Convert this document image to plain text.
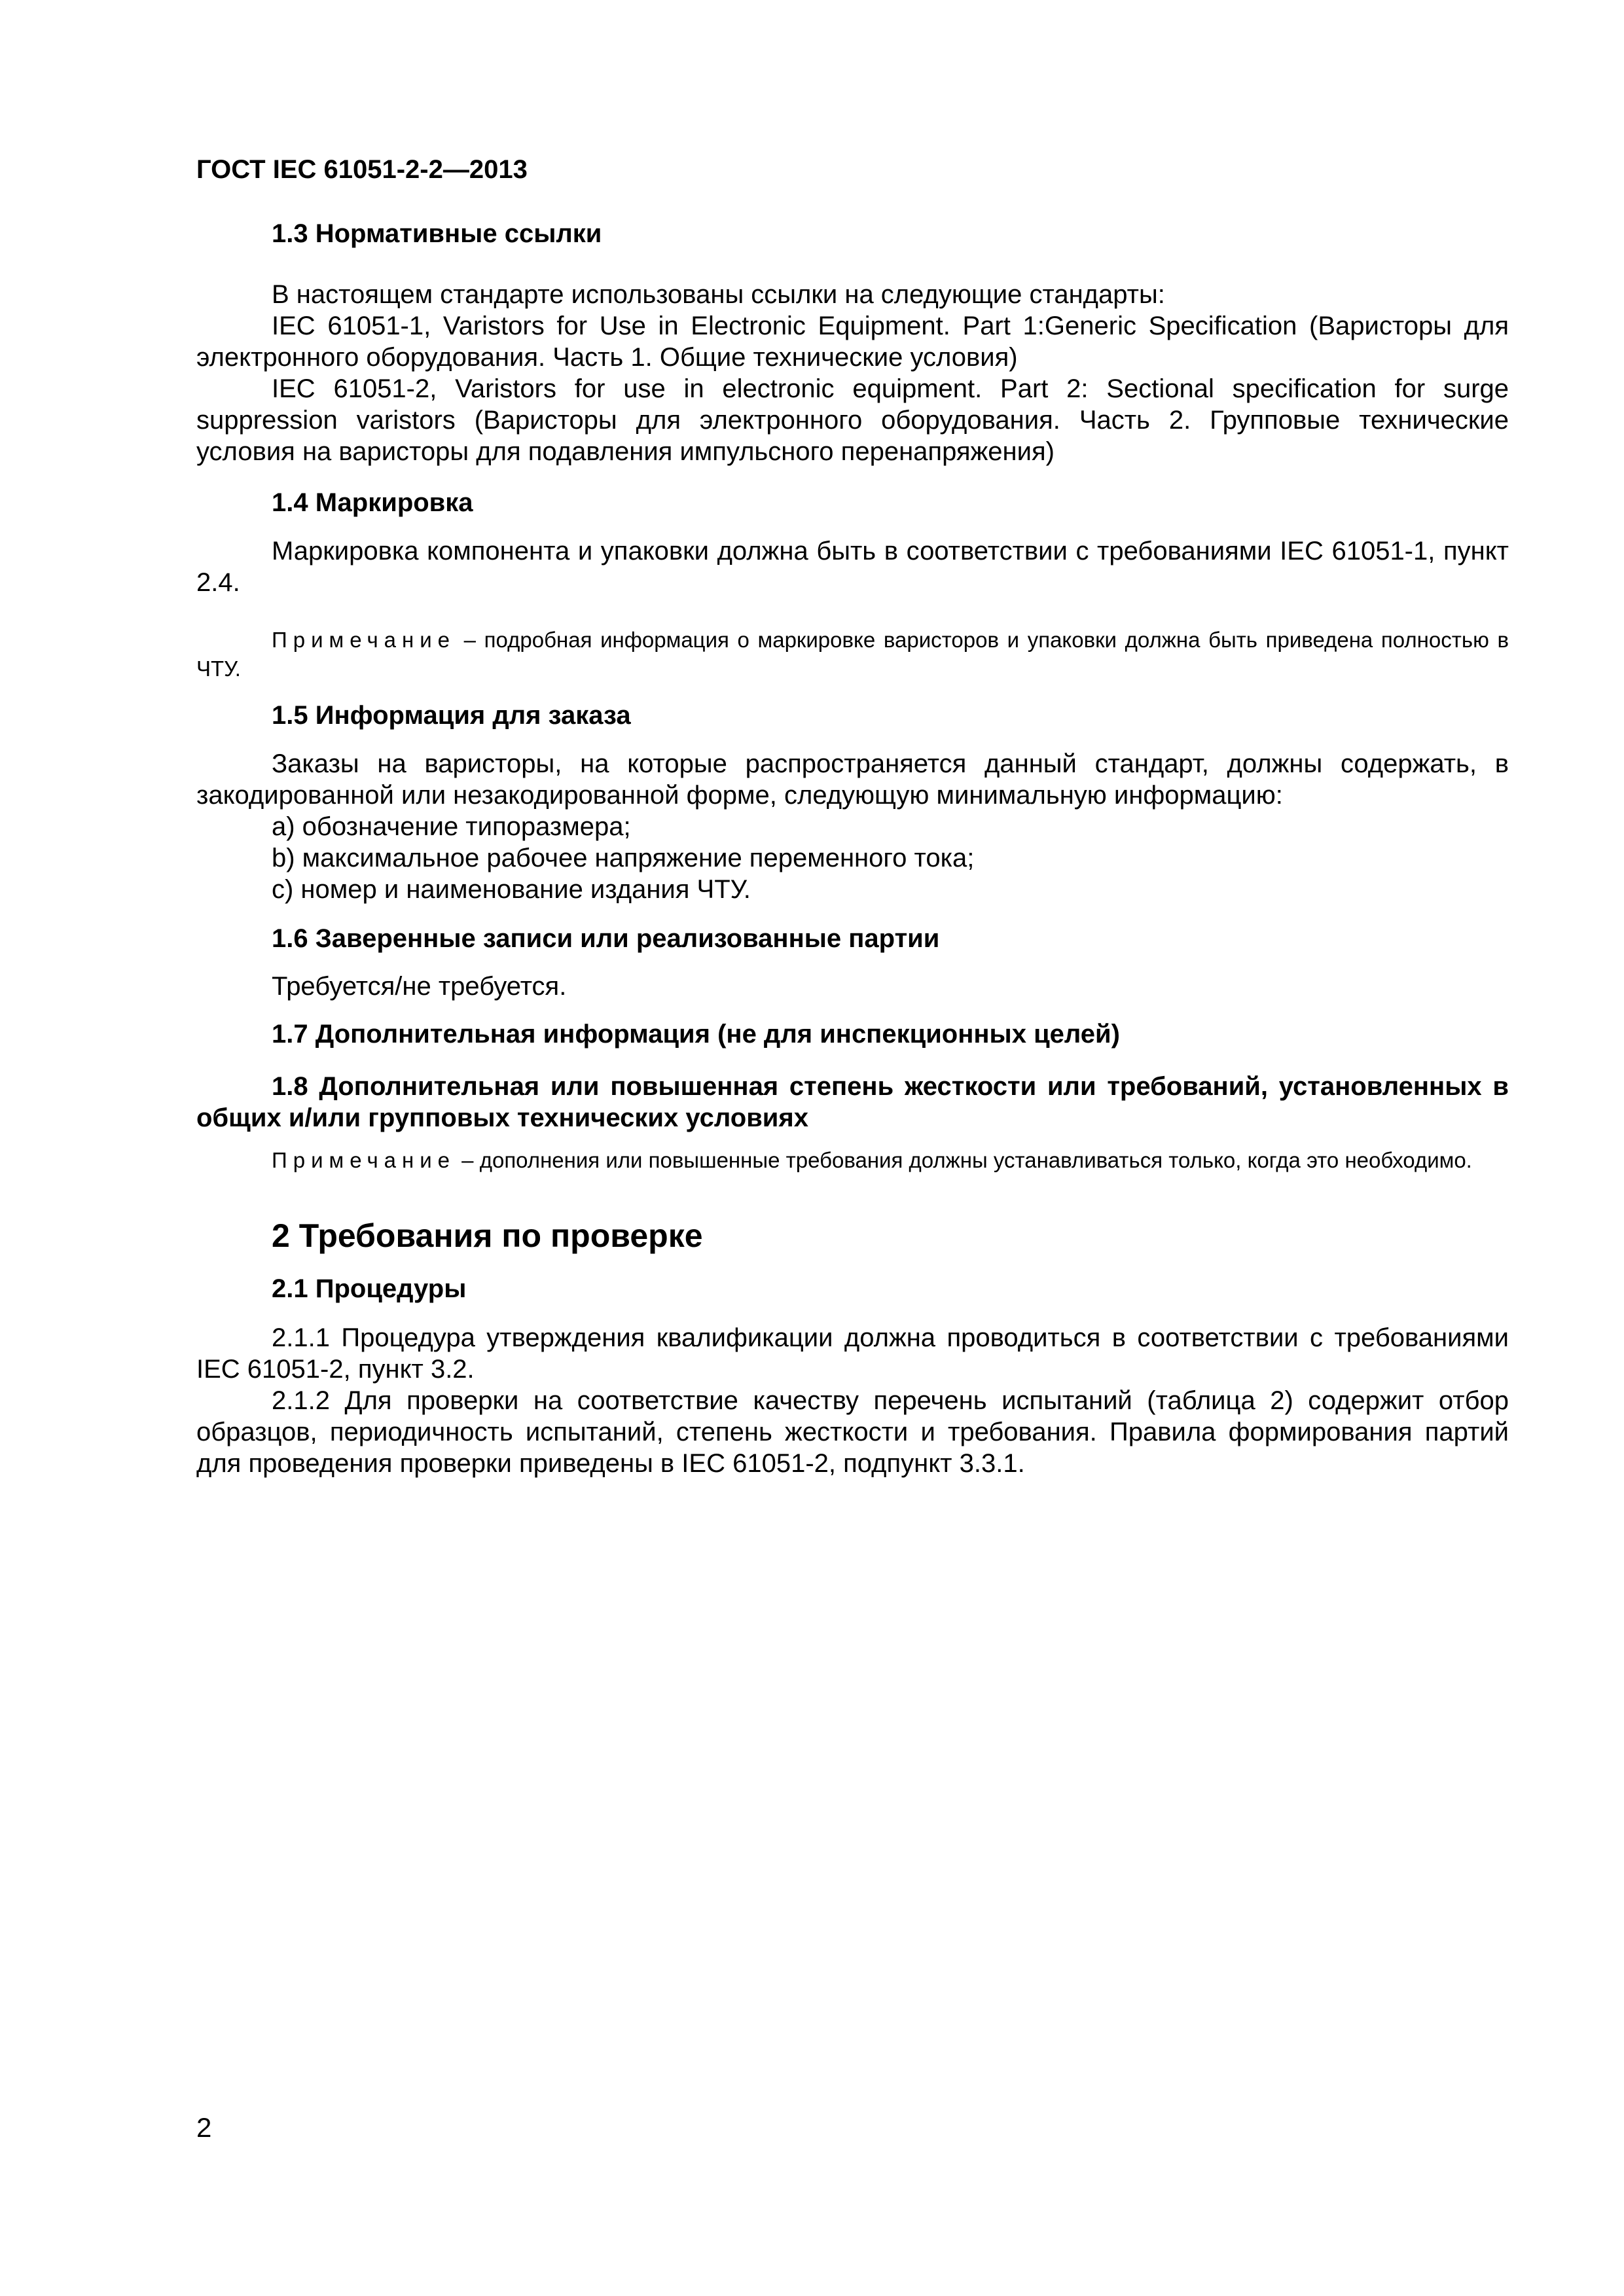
ГОСТ IEC 61051-2-2—2013

1.3 Нормативные ссылки

В настоящем стандарте использованы ссылки на следующие стандарты:

IEC 61051-1, Varistors for Use in Electronic Equipment. Part 1:Generic Specification (Варисторы для электронного оборудования. Часть 1. Общие технические условия)

IEC 61051-2, Varistors for use in electronic equipment. Part 2: Sectional specification for surge suppression varistors (Варисторы для электронного оборудования. Часть 2. Групповые технические условия на варисторы для подавления импульсного перенапряжения)

1.4 Маркировка

Маркировка компонента и упаковки должна быть в соответствии с требованиями IEC 61051-1, пункт 2.4.

Примечание – подробная информация о маркировке варисторов и упаковки должна быть приведена полностью в ЧТУ.

1.5 Информация для заказа

Заказы на варисторы, на которые распространяется данный стандарт, должны содержать, в закодированной или незакодированной форме, следующую минимальную информацию:

a) обозначение типоразмера;

b) максимальное рабочее напряжение переменного тока;

c) номер и наименование издания ЧТУ.

1.6 Заверенные записи или реализованные партии

Требуется/не требуется.

1.7 Дополнительная информация (не для инспекционных целей)

1.8 Дополнительная или повышенная степень жесткости или требований, установленных в общих и/или групповых технических условиях

Примечание – дополнения или повышенные требования должны устанавливаться только, когда это необходимо.

2 Требования по проверке

2.1 Процедуры

2.1.1 Процедура утверждения квалификации должна проводиться в соответствии с требованиями IEC 61051-2, пункт 3.2.

2.1.2 Для проверки на соответствие качеству перечень испытаний (таблица 2) содержит отбор образцов, периодичность испытаний, степень жесткости и требования. Правила формирования партий для проведения проверки приведены в IEC 61051-2, подпункт 3.3.1.

2
